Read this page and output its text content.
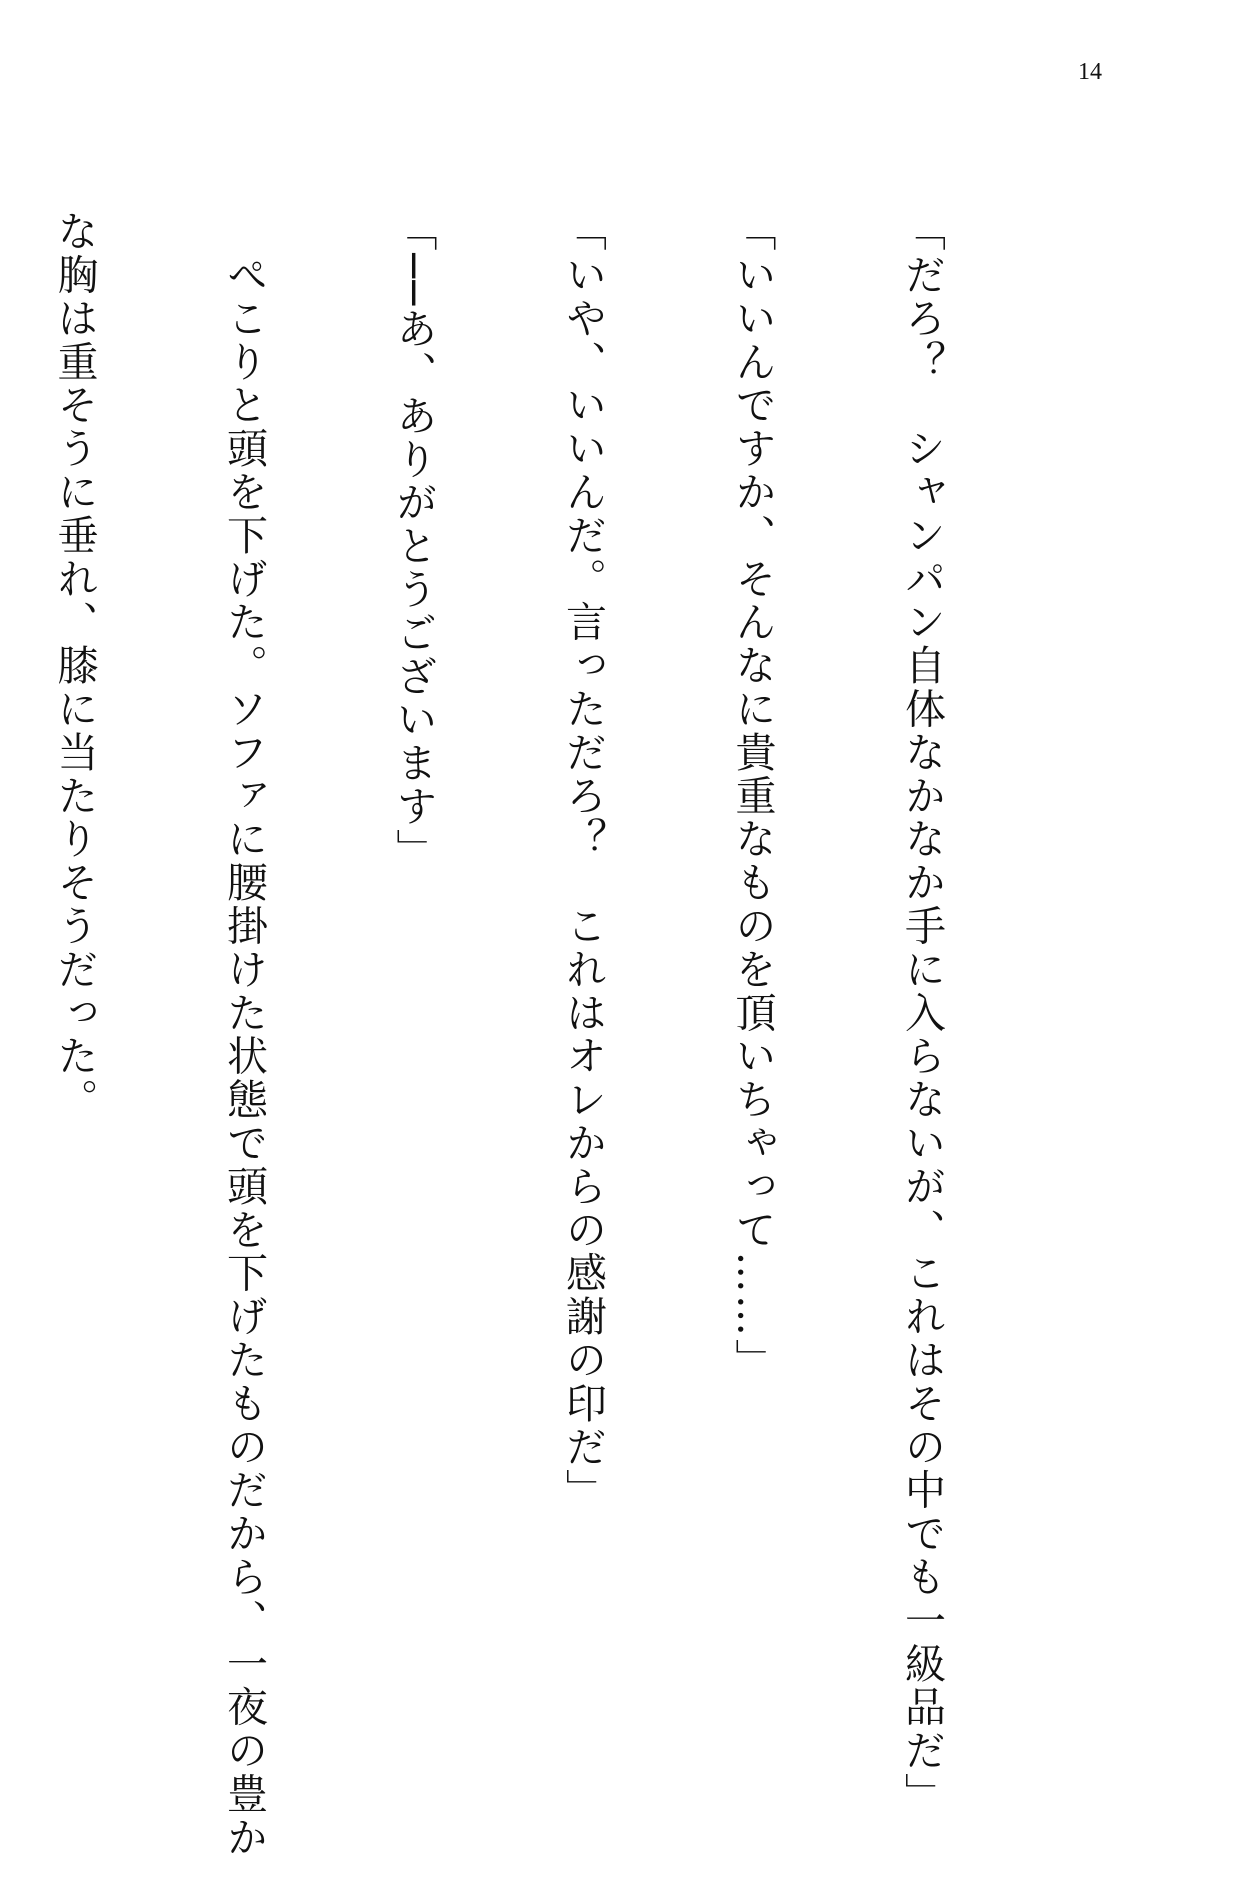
14

「だろ？　シャンパン自体なかなか手に入らないが、これはその中でも一級品だ」

「いいんですか、そんなに貴重なものを頂いちゃって……」

「いや、いいんだ。言っただろ？　これはオレからの感謝の印だ」

「──あ、ありがとうございます」

　ぺこりと頭を下げた。ソファに腰掛けた状態で頭を下げたものだから、一夜の豊か

な胸は重そうに垂れ、膝に当たりそうだった。
